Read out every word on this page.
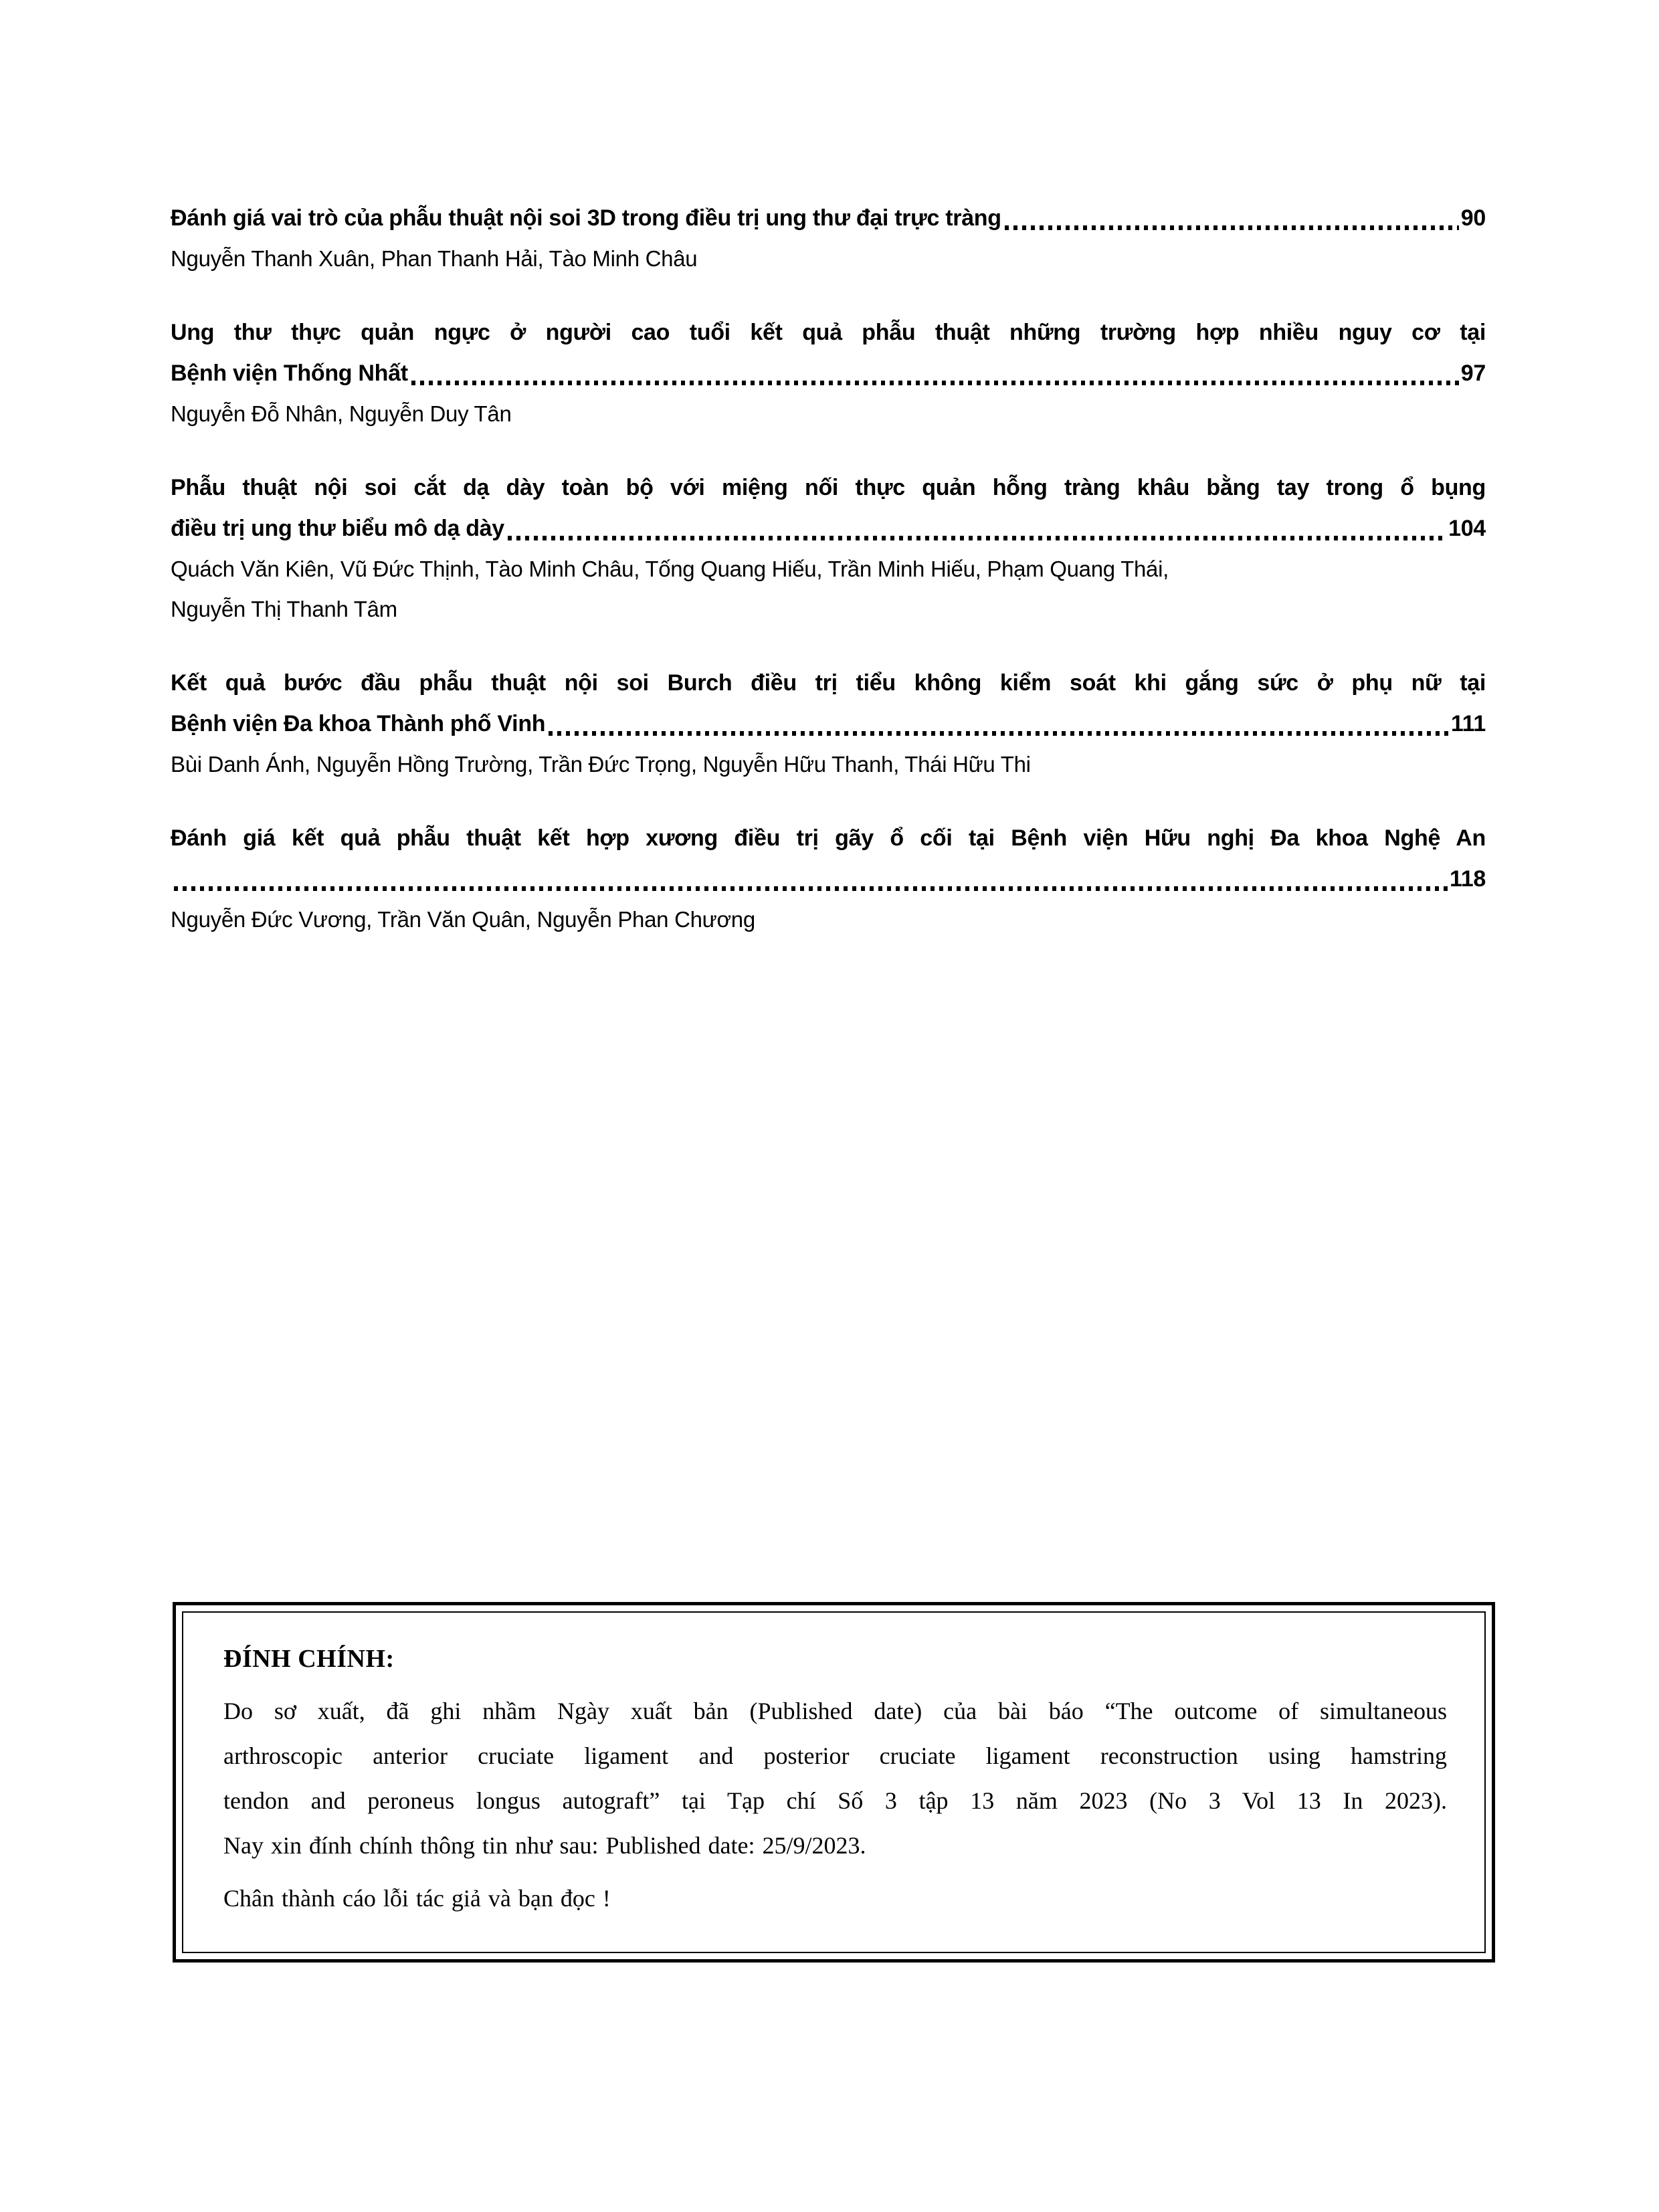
Đánh giá vai trò của phẫu thuật nội soi 3D trong điều trị ung thư đại trực tràng	90
Nguyễn Thanh Xuân, Phan Thanh Hải, Tào Minh Châu
Ung thư thực quản ngực ở người cao tuổi kết quả phẫu thuật những trường hợp nhiều nguy cơ tại
Bệnh viện Thống Nhất	97
Nguyễn Đỗ Nhân, Nguyễn Duy Tân
Phẫu thuật nội soi cắt dạ dày toàn bộ với miệng nối thực quản hỗng tràng khâu bằng tay trong ổ bụng
điều trị ung thư biểu mô dạ dày	104
Quách Văn Kiên, Vũ Đức Thịnh, Tào Minh Châu, Tống Quang Hiếu, Trần Minh Hiếu, Phạm Quang Thái,
Nguyễn Thị Thanh Tâm
Kết quả bước đầu phẫu thuật nội soi Burch điều trị tiểu không kiểm soát khi gắng sức ở phụ nữ tại
Bệnh viện Đa khoa Thành phố Vinh	111
Bùi Danh Ánh, Nguyễn Hồng Trường, Trần Đức Trọng, Nguyễn Hữu Thanh, Thái Hữu Thi
Đánh giá kết quả phẫu thuật kết hợp xương điều trị gãy ổ cối tại Bệnh viện Hữu nghị Đa khoa Nghệ An
118
Nguyễn Đức Vương, Trần Văn Quân, Nguyễn Phan Chương
ĐÍNH CHÍNH:
Do sơ xuất, đã ghi nhầm Ngày xuất bản (Published date) của bài báo “The outcome of simultaneous
arthroscopic anterior cruciate ligament and posterior cruciate ligament reconstruction using hamstring
tendon and peroneus longus autograft” tại Tạp chí Số 3 tập 13 năm 2023 (No 3 Vol 13 In 2023).
Nay xin đính chính thông tin như sau: Published date: 25/9/2023.
Chân thành cáo lỗi tác giả và bạn đọc !
